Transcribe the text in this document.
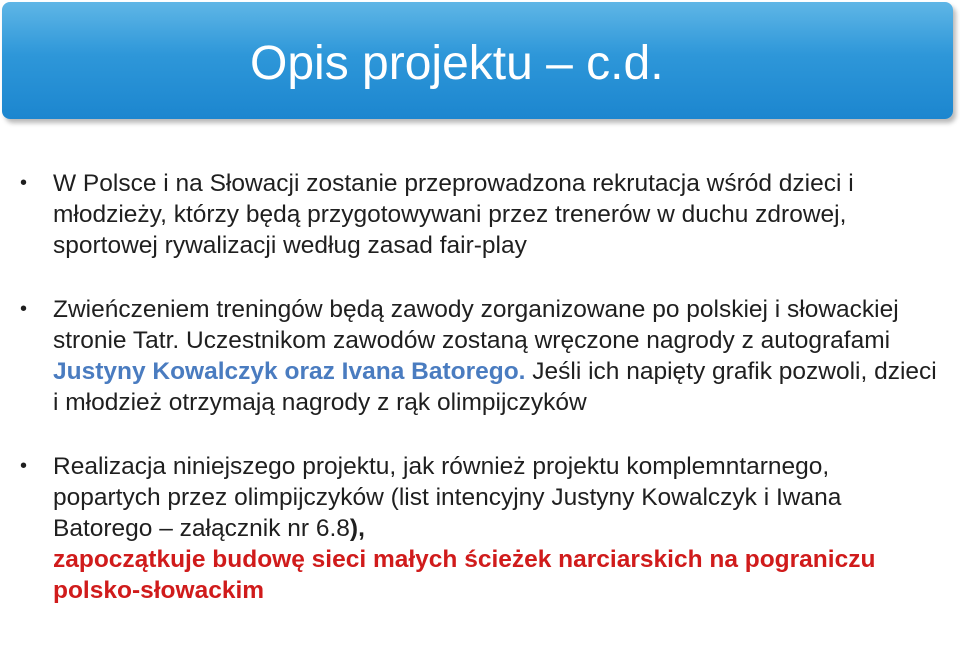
Opis projektu – c.d.
• W Polsce i na Słowacji zostanie przeprowadzona rekrutacja wśród dzieci i młodzieży, którzy będą przygotowywani przez trenerów w duchu zdrowej, sportowej rywalizacji według zasad fair-play
• Zwieńczeniem treningów będą zawody zorganizowane po polskiej i słowackiej stronie Tatr. Uczestnikom zawodów zostaną wręczone nagrody z autografami Justyny Kowalczyk oraz Ivana Batorego. Jeśli ich napięty grafik pozwoli, dzieci i młodzież otrzymają nagrody z rąk olimpijczyków
• Realizacja niniejszego projektu, jak również projektu komplemntarnego, popartych przez olimpijczyków (list intencyjny Justyny Kowalczyk i Iwana Batorego – załącznik nr 6.8),
zapoczątkuje budowę sieci małych ścieżek narciarskich na pograniczu polsko-słowackim
